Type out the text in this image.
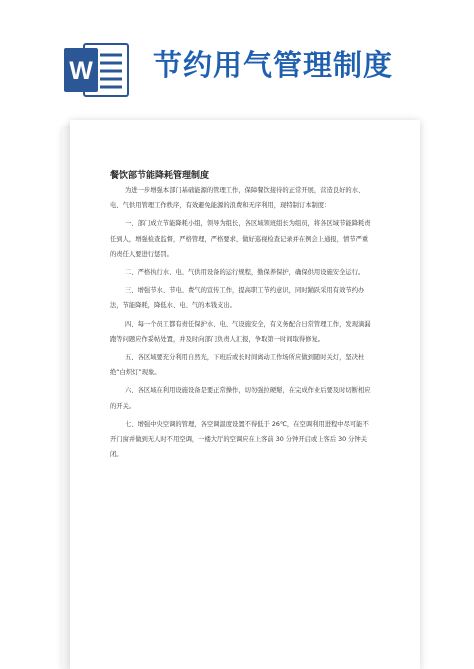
W 节约用气管理制度
餐饮部节能降耗管理制度

为进一步增强本部门基础能源的管理工作，保障餐饮接待的正常开展，营造良好的水、电、气供用管理工作秩序，有效避免能源的浪费和无序利用，现特制订本制度：

一、部门成立节能降耗小组，领导为组长，各区域领班组长为组员，将各区域节能降耗责任到人，增强检查监督，严格管理，严格要求，做好巡视检查记录并在例会上通报，情节严重的责任人要进行惩罚。

二、严格执行水、电、气供用设备的运行规程，勤保养保护，确保供用设施安全运行。

三、增强节水、节电、费气的宣传工作，提高职工节约意识，同时踊跃采用有效节约办法，节能降耗，降低水、电、气的本钱支出。

四、每一个员工都有责任保护水、电、气设施安全，有义务配合日常管理工作，发现滴漏跑等问题应作妥帖处置，并及时向部门负责人汇报，争取第一时间取得修复。

五、各区域要充分利用自然光，下班后或长时间离动工作场所应做到随时关灯，坚决杜绝“白炽灯”现象。

六、各区域在利用设施设备是要正常操作，切勿强拉硬掰，在完成作业后要及时切断相应的开关。

七、增强中央空调的管理，各空调温度设置不得低于 26℃，在空调利用进程中尽可能不开门窗并做到无人时不用空调，一楼大厅的空调应在上客前 30 分钟开启或上客后 30 分钟关闭。
